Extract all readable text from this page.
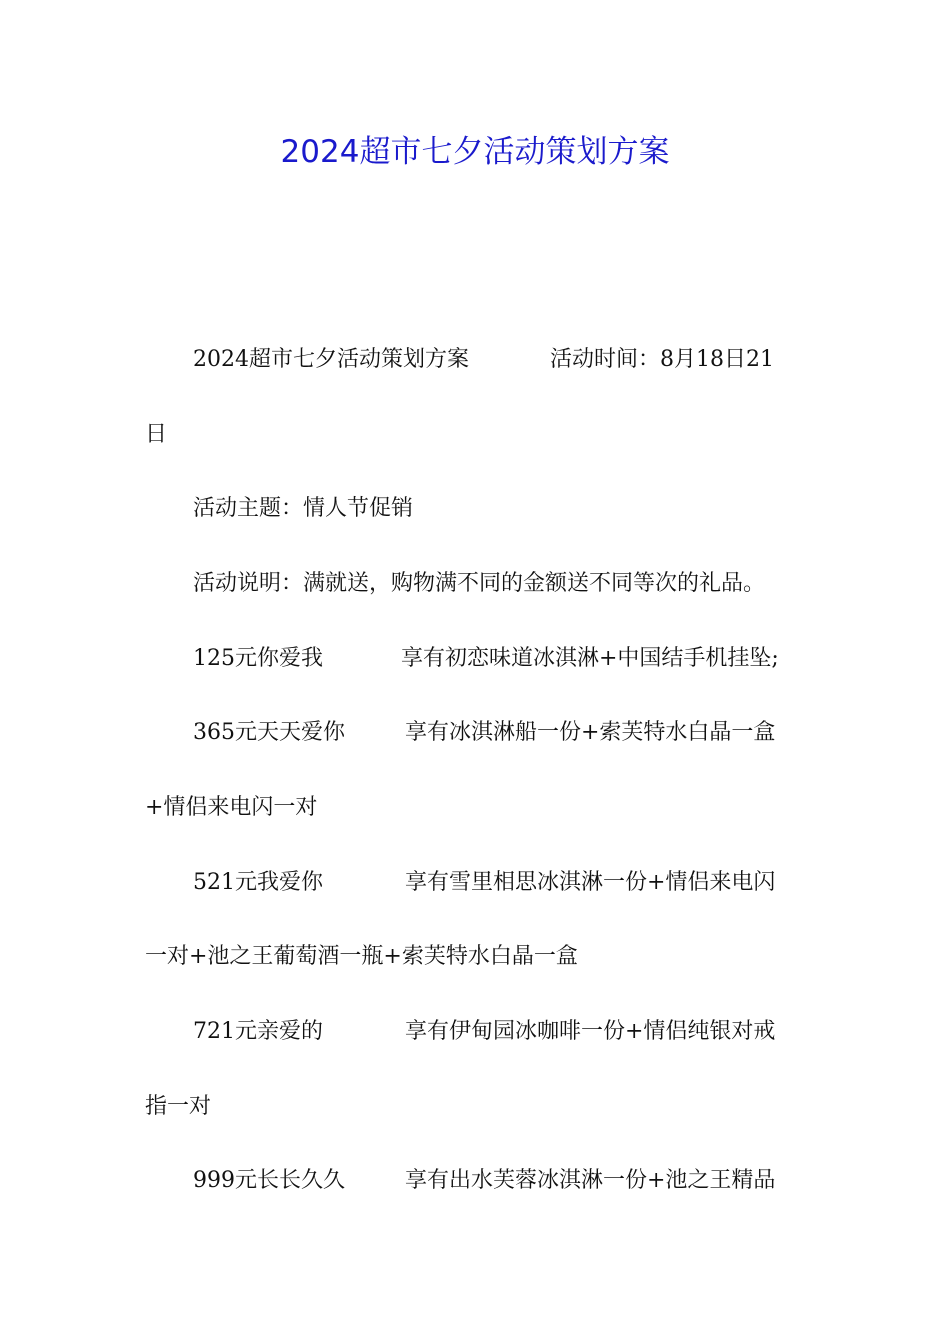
2024超市七夕活动策划方案
2024超市七夕活动策划方案	活动时间：8月18日21
日
活动主题：情人节促销
活动说明：满就送，购物满不同的金额送不同等次的礼品。
125元你爱我	享有初恋味道冰淇淋+中国结手机挂坠;
365元天天爱你	享有冰淇淋船一份+索芙特水白晶一盒
+情侣来电闪一对
521元我爱你	享有雪里相思冰淇淋一份+情侣来电闪
一对+池之王葡萄酒一瓶+索芙特水白晶一盒
721元亲爱的	享有伊甸园冰咖啡一份+情侣纯银对戒
指一对
999元长长久久	享有出水芙蓉冰淇淋一份+池之王精品
